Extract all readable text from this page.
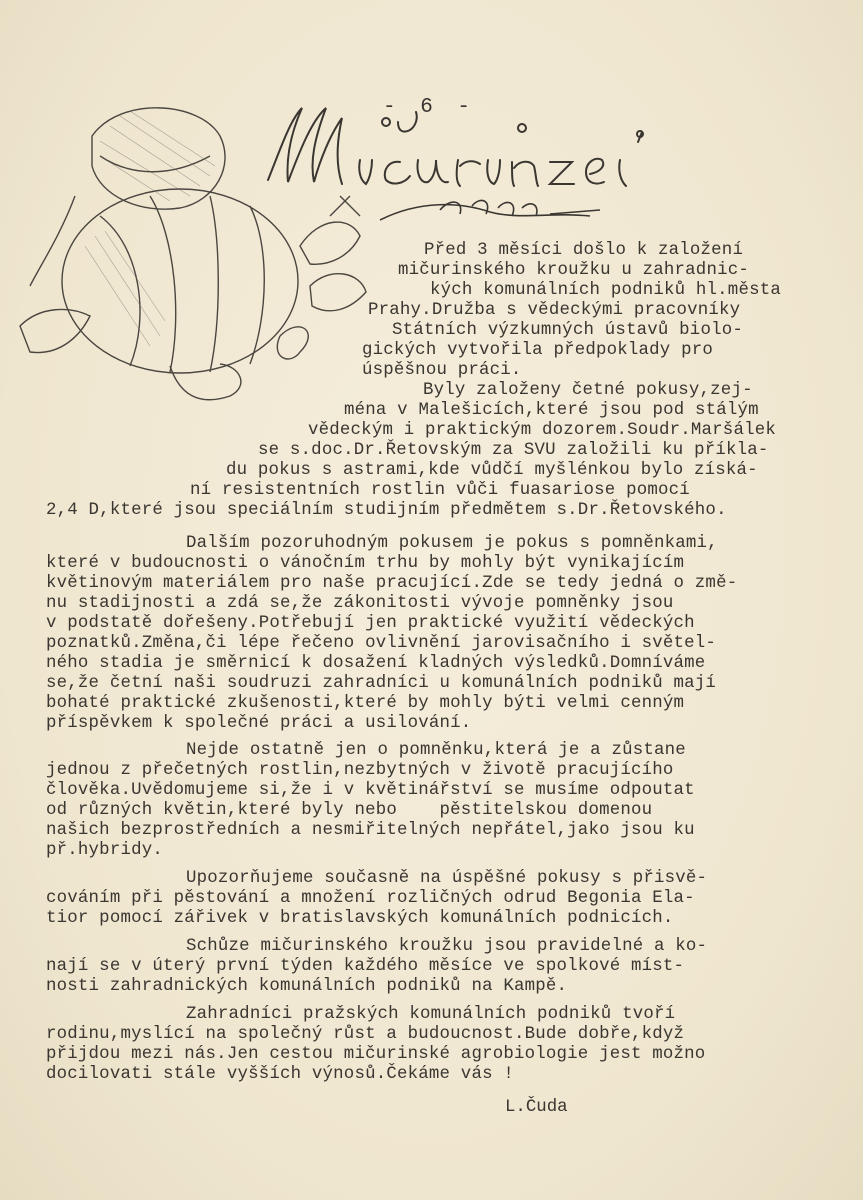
- 6 -
Před 3 měsíci došlo k založení
mičurinského kroužku u zahradnic-
kých komunálních podniků hl.města
Prahy.Družba s vědeckými pracovníky
Státních výzkumných ústavů biolo-
gických vytvořila předpoklady pro
úspěšnou práci.
Byly založeny četné pokusy,zej-
ména v Malešicích,které jsou pod stálým
vědeckým i praktickým dozorem.Soudr.Maršálek
se s.doc.Dr.Řetovským za SVU založili ku příkla-
du pokus s astrami,kde vůdčí myšlénkou bylo získá-
ní resistentních rostlin vůči fuasariose pomocí
2,4 D,které jsou speciálním studijním předmětem s.Dr.Řetovského.
Dalším pozoruhodným pokusem je pokus s pomněnkami,
které v budoucnosti o vánočním trhu by mohly být vynikajícím
květinovým materiálem pro naše pracující.Zde se tedy jedná o změ-
nu stadijnosti a zdá se,že zákonitosti vývoje pomněnky jsou
v podstatě dořešeny.Potřebují jen praktické využití vědeckých
poznatků.Změna,či lépe řečeno ovlivnění jarovisačního i světel-
ného stadia je směrnicí k dosažení kladných výsledků.Domníváme
se,že četní naši soudruzi zahradníci u komunálních podniků mají
bohaté praktické zkušenosti,které by mohly býti velmi cenným
příspěvkem k společné práci a usilování.
Nejde ostatně jen o pomněnku,která je a zůstane
jednou z přečetných rostlin,nezbytných v životě pracujícího
člověka.Uvědomujeme si,že i v květinářství se musíme odpoutat
od různých květin,které byly nebo    pěstitelskou domenou
našich bezprostředních a nesmiřitelných nepřátel,jako jsou ku
př.hybridy.
Upozorňujeme současně na úspěšné pokusy s přisvě-
cováním při pěstování a množení rozličných odrud Begonia Ela-
tior pomocí zářivek v bratislavských komunálních podnicích.
Schůze mičurinského kroužku jsou pravidelné a ko-
nají se v úterý první týden každého měsíce ve spolkové míst-
nosti zahradnických komunálních podniků na Kampě.
Zahradníci pražských komunálních podniků tvoří
rodinu,myslící na společný růst a budoucnost.Bude dobře,když
přijdou mezi nás.Jen cestou mičurinské agrobiologie jest možno
docilovati stále vyšších výnosů.Čekáme vás !
L.Čuda
